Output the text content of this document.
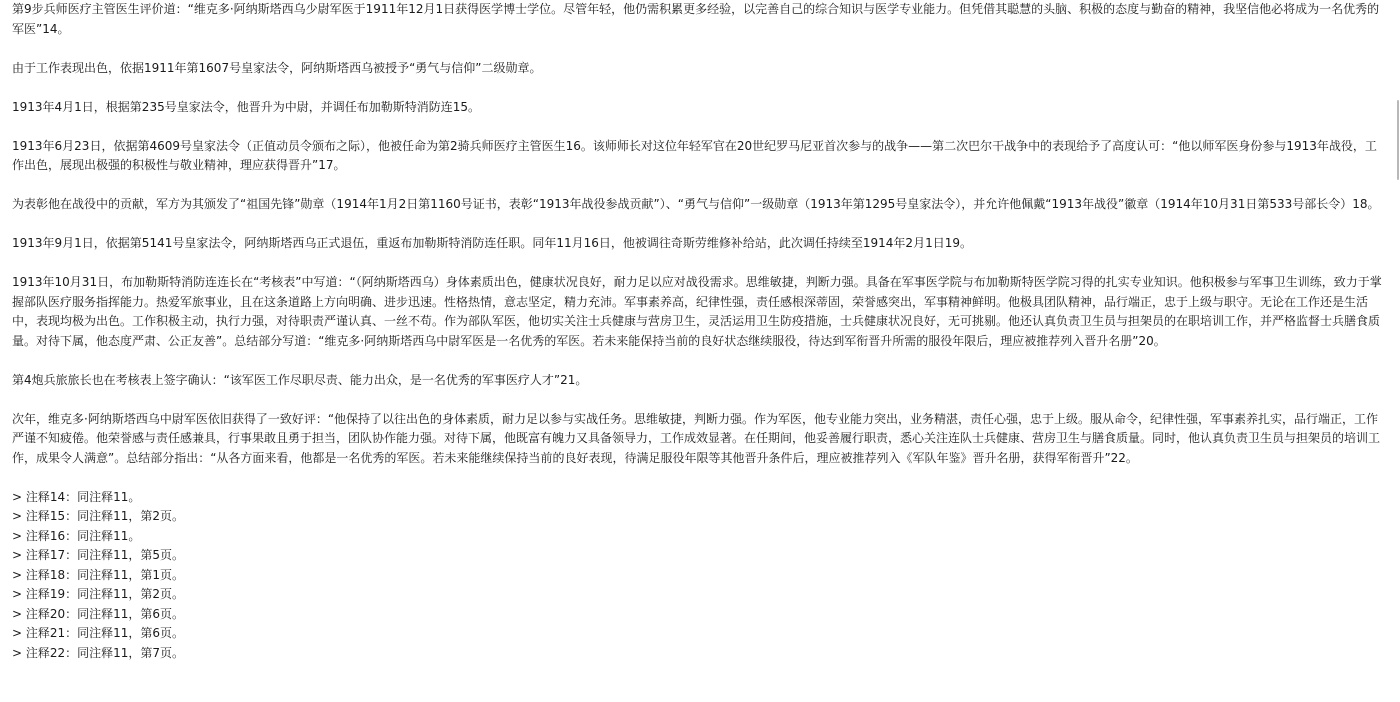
第9步兵师医疗主管医生评价道：“维克多·阿纳斯塔西乌少尉军医于1911年12月1日获得医学博士学位。尽管年轻，他仍需积累更多经验，以完善自己的综合知识与医学专业能力。但凭借其聪慧的头脑、积极的态度与勤奋的精神，我坚信他必将成为一名优秀的军医”14。

由于工作表现出色，依据1911年第1607号皇家法令，阿纳斯塔西乌被授予“勇气与信仰”二级勋章。

1913年4月1日，根据第235号皇家法令，他晋升为中尉，并调任布加勒斯特消防连15。

1913年6月23日，依据第4609号皇家法令（正值动员令颁布之际），他被任命为第2骑兵师医疗主管医生16。该师师长对这位年轻军官在20世纪罗马尼亚首次参与的战争——第二次巴尔干战争中的表现给予了高度认可：“他以师军医身份参与1913年战役，工作出色，展现出极强的积极性与敬业精神，理应获得晋升”17。

为表彰他在战役中的贡献，军方为其颁发了“祖国先锋”勋章（1914年1月2日第1160号证书，表彰“1913年战役参战贡献”）、“勇气与信仰”一级勋章（1913年第1295号皇家法令），并允许他佩戴“1913年战役”徽章（1914年10月31日第533号部长令）18。

1913年9月1日，依据第5141号皇家法令，阿纳斯塔西乌正式退伍，重返布加勒斯特消防连任职。同年11月16日，他被调往奇斯劳维修补给站，此次调任持续至1914年2月1日19。

1913年10月31日，布加勒斯特消防连连长在“考核表”中写道：“（阿纳斯塔西乌）身体素质出色，健康状况良好，耐力足以应对战役需求。思维敏捷，判断力强。具备在军事医学院与布加勒斯特医学院习得的扎实专业知识。他积极参与军事卫生训练，致力于掌握部队医疗服务指挥能力。热爱军旅事业，且在这条道路上方向明确、进步迅速。性格热情，意志坚定，精力充沛。军事素养高，纪律性强，责任感根深蒂固，荣誉感突出，军事精神鲜明。他极具团队精神，品行端正，忠于上级与职守。无论在工作还是生活中，表现均极为出色。工作积极主动，执行力强，对待职责严谨认真、一丝不苟。作为部队军医，他切实关注士兵健康与营房卫生，灵活运用卫生防疫措施，士兵健康状况良好，无可挑剔。他还认真负责卫生员与担架员的在职培训工作，并严格监督士兵膳食质量。对待下属，他态度严肃、公正友善”。总结部分写道：“维克多·阿纳斯塔西乌中尉军医是一名优秀的军医。若未来能保持当前的良好状态继续服役，待达到军衔晋升所需的服役年限后，理应被推荐列入晋升名册”20。

第4炮兵旅旅长也在考核表上签字确认：“该军医工作尽职尽责、能力出众，是一名优秀的军事医疗人才”21。

次年，维克多·阿纳斯塔西乌中尉军医依旧获得了一致好评：“他保持了以往出色的身体素质，耐力足以参与实战任务。思维敏捷，判断力强。作为军医，他专业能力突出，业务精湛，责任心强，忠于上级。服从命令，纪律性强，军事素养扎实，品行端正，工作严谨不知疲倦。他荣誉感与责任感兼具，行事果敢且勇于担当，团队协作能力强。对待下属，他既富有魄力又具备领导力，工作成效显著。在任期间，他妥善履行职责，悉心关注连队士兵健康、营房卫生与膳食质量。同时，他认真负责卫生员与担架员的培训工作，成果令人满意”。总结部分指出：“从各方面来看，他都是一名优秀的军医。若未来能继续保持当前的良好表现，待满足服役年限等其他晋升条件后，理应被推荐列入《军队年鉴》晋升名册，获得军衔晋升”22。

> 注释14：同注释11。

> 注释15：同注释11，第2页。

> 注释16：同注释11。

> 注释17：同注释11，第5页。

> 注释18：同注释11，第1页。

> 注释19：同注释11，第2页。

> 注释20：同注释11，第6页。

> 注释21：同注释11，第6页。

> 注释22：同注释11，第7页。
